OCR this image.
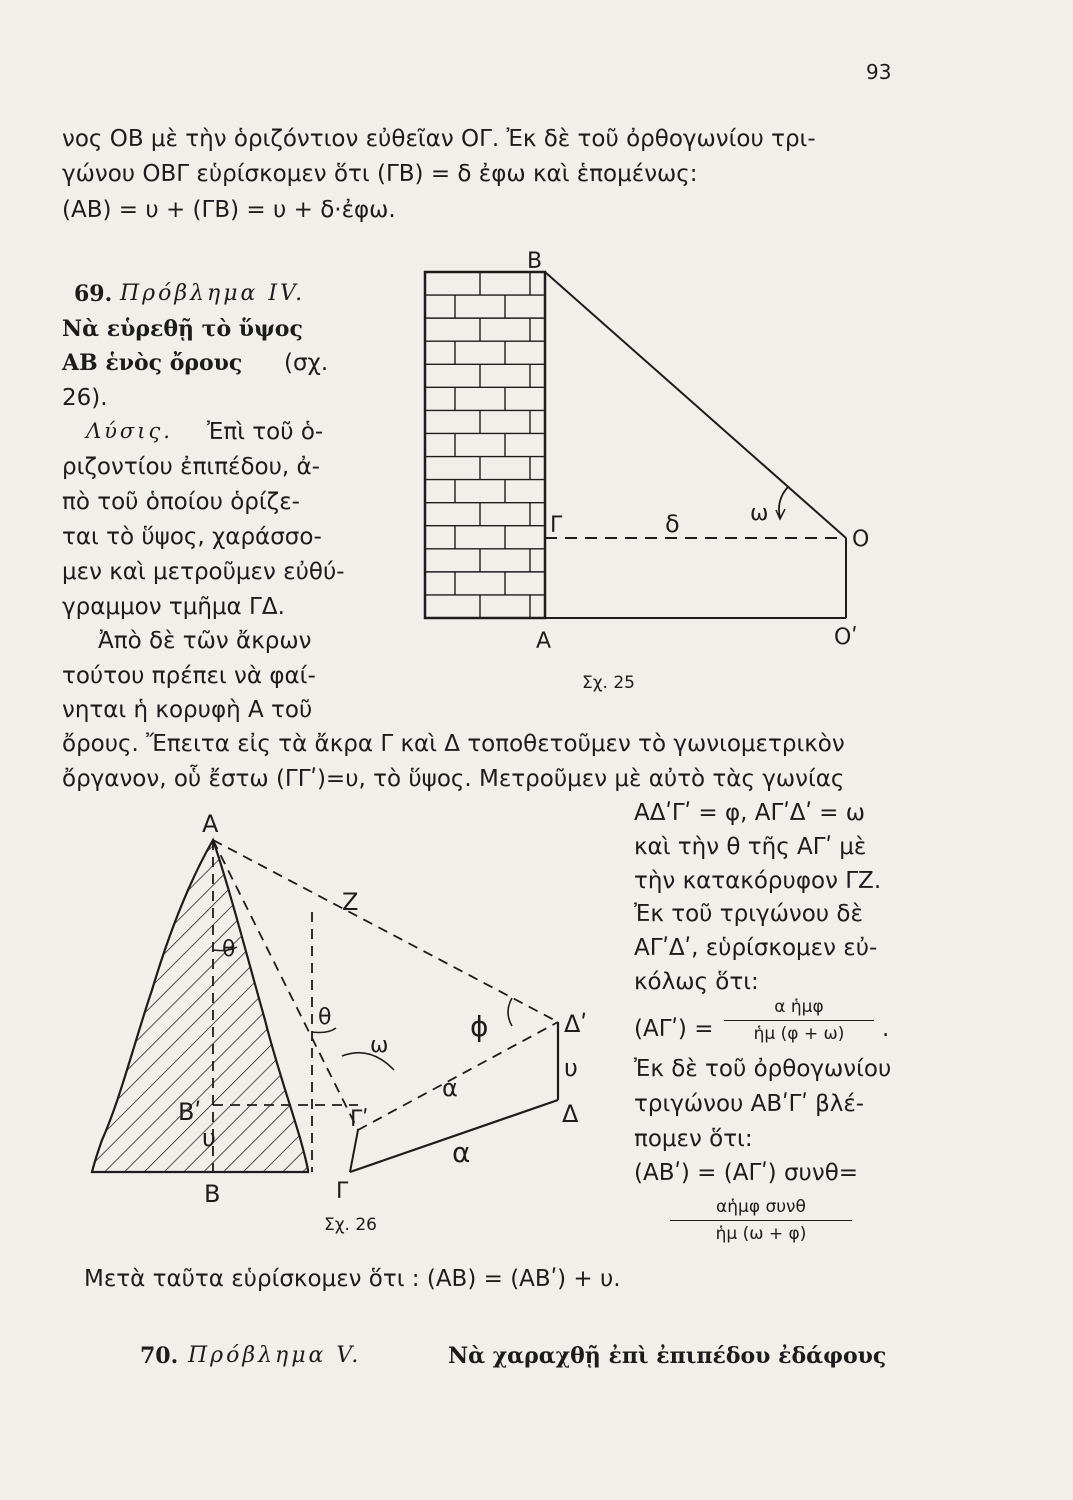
93
νος ΟΒ μὲ τὴν ὁριζόντιον εὐθεῖαν ΟΓ. Ἐκ δὲ τοῦ ὀρθογωνίου τρι-
γώνου ΟΒΓ εὑρίσκομεν ὅτι (ΓΒ) = δ ἐφω καὶ ἑπομένως:
(ΑΒ) = υ + (ΓΒ) = υ + δ·ἐφω.
69. Πρόβλημα IV.
Νὰ εὑρεθῇ τὸ ὕψος
ΑΒ ἑνὸς ὄρους (σχ.
26).
Λύσις. Ἐπὶ τοῦ ὁ-
ριζοντίου ἐπιπέδου, ἀ-
πὸ τοῦ ὁποίου ὁρίζε-
ται τὸ ὕψος, χαράσσο-
μεν καὶ μετροῦμεν εὐθύ-
γραμμον τμῆμα ΓΔ.
Ἀπὸ δὲ τῶν ἄκρων
τούτου πρέπει νὰ φαί-
νηται ἡ κορυφὴ Α τοῦ
ὄρους. Ἔπειτα εἰς τὰ ἄκρα Γ καὶ Δ τοποθετοῦμεν τὸ γωνιομετρικὸν
ὄργανον, οὗ ἔστω (ΓΓʹ)=υ, τὸ ὕψος. Μετροῦμεν μὲ αὐτὸ τὰς γωνίας
ΑΔʹΓʹ = φ, ΑΓʹΔʹ = ω
καὶ τὴν θ τῆς ΑΓʹ μὲ
τὴν κατακόρυφον ΓΖ.
Ἐκ τοῦ τριγώνου δὲ
ΑΓʹΔʹ, εὑρίσκομεν εὐ-
κόλως ὅτι:
(ΑΓʹ) =
α ἡμφ
ἡμ (φ + ω)	.
Ἐκ δὲ τοῦ ὀρθογωνίου
τριγώνου ΑΒʹΓʹ βλέ-
πομεν ὅτι:
(ΑΒʹ) = (ΑΓʹ) συνθ=
αἡμφ συνθ
ἡμ (ω + φ)
Μετὰ ταῦτα εὑρίσκομεν ὅτι : (ΑΒ) = (ΑΒʹ) + υ.
70. Πρόβλημα V.	Νὰ χαραχθῇ ἐπὶ ἐπιπέδου ἐδάφους
Β
Γ	δ	ω
Ο
Α	Οʹ
Σχ. 25
Α
Ζ
θ
θ
ω
ϕ	Δʹ
υ
α
Βʹ	Γʹ
υ
Δ
α
Β	Γ
Σχ. 26
